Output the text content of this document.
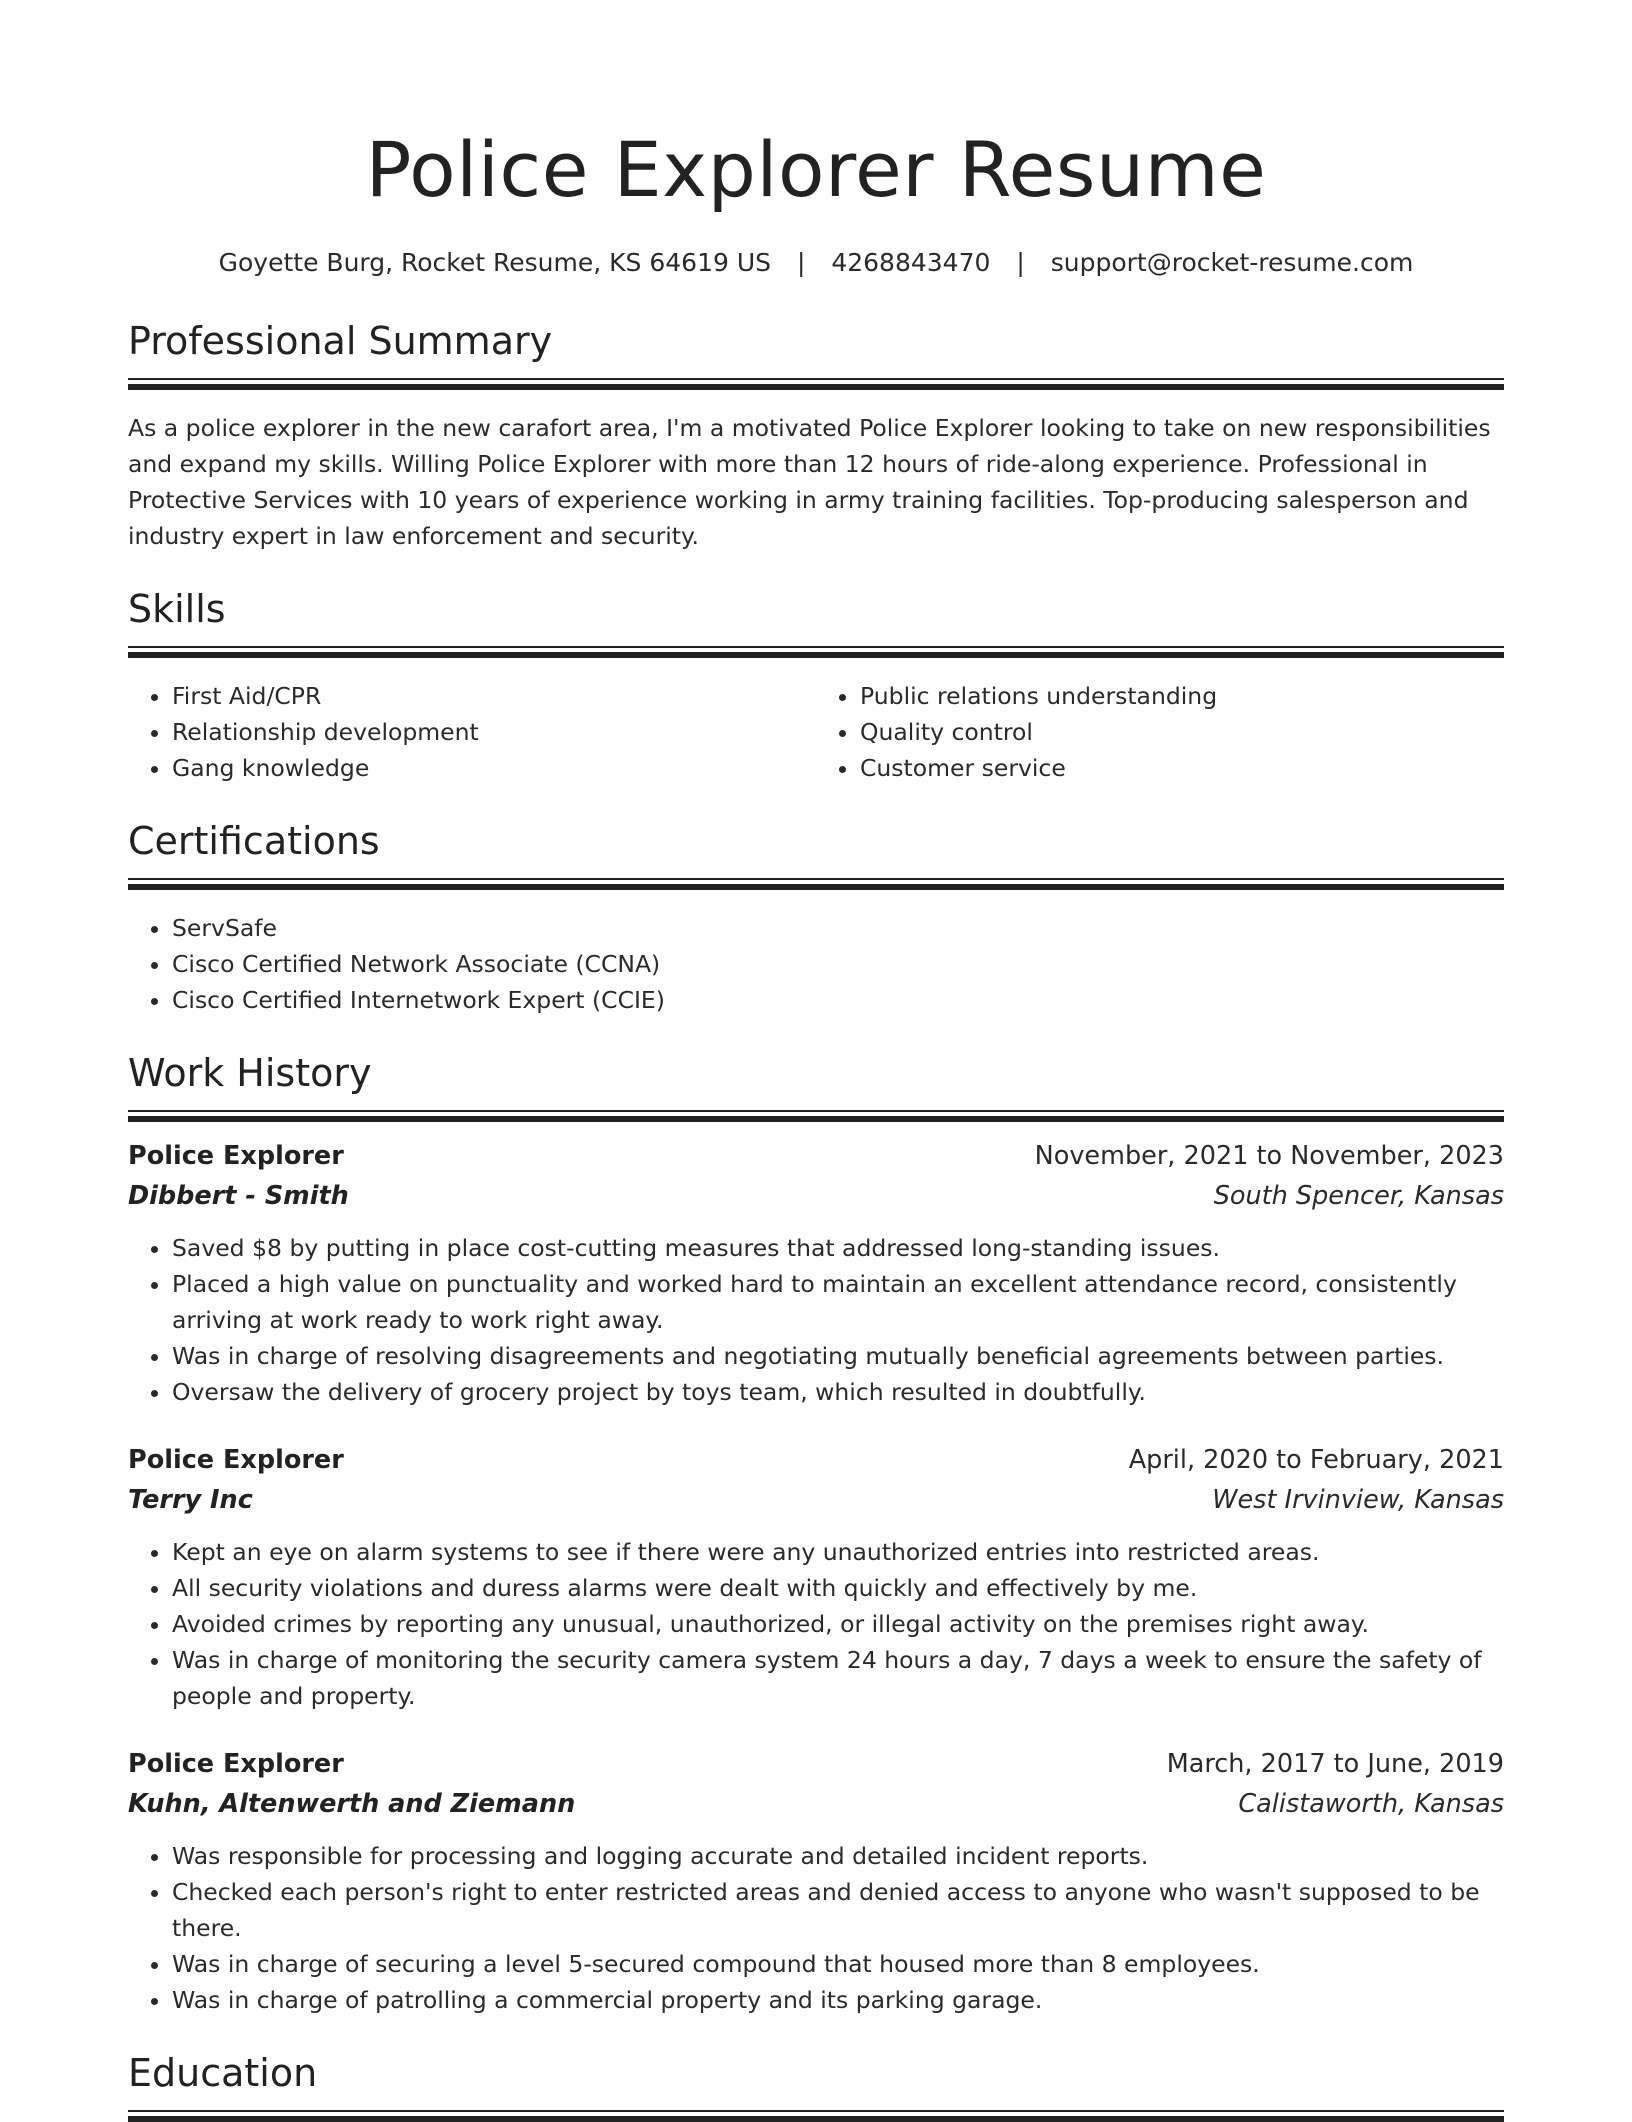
Police Explorer Resume
Goyette Burg, Rocket Resume, KS 64619 US | 4268843470 | support@rocket-resume.com
Professional Summary

As a police explorer in the new carafort area, I'm a motivated Police Explorer looking to take on new responsibilities and expand my skills. Willing Police Explorer with more than 12 hours of ride-along experience. Professional in Protective Services with 10 years of experience working in army training facilities. Top-producing salesperson and industry expert in law enforcement and security.

Skills
• First Aid/CPR
• Relationship development
• Gang knowledge
• Public relations understanding
• Quality control
• Customer service
Certifications
• ServSafe
• Cisco Certified Network Associate (CCNA)
• Cisco Certified Internetwork Expert (CCIE)
Work History
Police Explorer	November, 2021 to November, 2023
Dibbert - Smith	South Spencer, Kansas
• Saved $8 by putting in place cost-cutting measures that addressed long-standing issues.
• Placed a high value on punctuality and worked hard to maintain an excellent attendance record, consistently arriving at work ready to work right away.
• Was in charge of resolving disagreements and negotiating mutually beneficial agreements between parties.
• Oversaw the delivery of grocery project by toys team, which resulted in doubtfully.
Police Explorer	April, 2020 to February, 2021
Terry Inc	West Irvinview, Kansas
• Kept an eye on alarm systems to see if there were any unauthorized entries into restricted areas.
• All security violations and duress alarms were dealt with quickly and effectively by me.
• Avoided crimes by reporting any unusual, unauthorized, or illegal activity on the premises right away.
• Was in charge of monitoring the security camera system 24 hours a day, 7 days a week to ensure the safety of people and property.
Police Explorer	March, 2017 to June, 2019
Kuhn, Altenwerth and Ziemann	Calistaworth, Kansas
• Was responsible for processing and logging accurate and detailed incident reports.
• Checked each person's right to enter restricted areas and denied access to anyone who wasn't supposed to be there.
• Was in charge of securing a level 5-secured compound that housed more than 8 employees.
• Was in charge of patrolling a commercial property and its parking garage.
Education
